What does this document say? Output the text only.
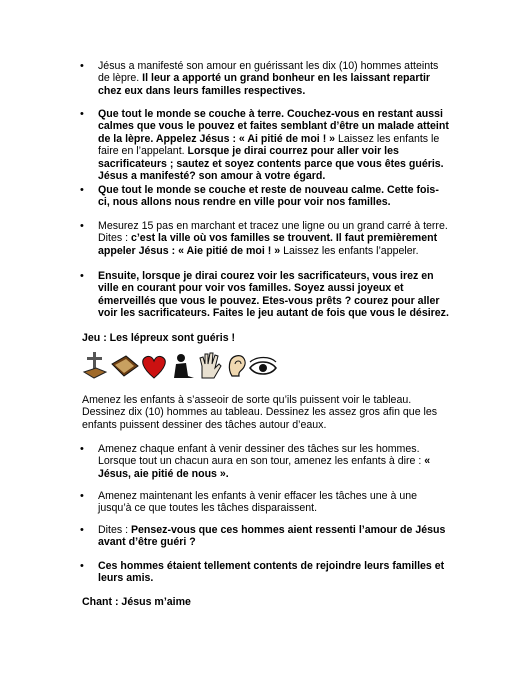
• Jésus a manifesté son amour en guérissant les dix (10) hommes atteints de lèpre. Il leur a apporté un grand bonheur en les laissant repartir chez eux dans leurs familles respectives.
• Que tout le monde se couche à terre. Couchez-vous en restant aussi calmes que vous le pouvez et faites semblant d’être un malade atteint de la lèpre. Appelez Jésus : « Ai pitié de moi ! » Laissez les enfants le faire en l’appelant. Lorsque je dirai courrez pour aller voir les sacrificateurs ; sautez et soyez contents parce que vous êtes guéris. Jésus a manifesté? son amour à votre égard.
• Que tout le monde se couche et reste de nouveau calme. Cette fois-ci, nous allons nous rendre en ville pour voir nos familles.
• Mesurez 15 pas en marchant et tracez une ligne ou un grand carré à terre. Dites : c’est la ville où vos familles se trouvent. Il faut premièrement appeler Jésus : « Aie pitié de moi ! » Laissez les enfants l’appeler.
• Ensuite, lorsque je dirai courez voir les sacrificateurs, vous irez en ville en courant pour voir vos familles. Soyez aussi joyeux et émerveillés que vous le pouvez. Etes-vous prêts ? courez pour aller voir les sacrificateurs. Faites le jeu autant de fois que vous le désirez.
Jeu : Les lépreux sont guéris !
Amenez les enfants à s’asseoir de sorte qu’ils puissent voir le tableau. Dessinez dix (10) hommes au tableau. Dessinez les assez gros afin que les enfants puissent dessiner des tâches autour d’eaux.
• Amenez chaque enfant à venir dessiner des tâches sur les hommes. Lorsque tout un chacun aura en son tour, amenez les enfants à dire : « Jésus, aie pitié de nous ».
• Amenez maintenant les enfants à venir effacer les tâches une à une jusqu’à ce que toutes les tâches disparaissent.
• Dites : Pensez-vous que ces hommes aient ressenti l’amour de Jésus avant d’être guéri ?
• Ces hommes étaient tellement contents de rejoindre leurs familles et leurs amis.
Chant : Jésus m’aime
